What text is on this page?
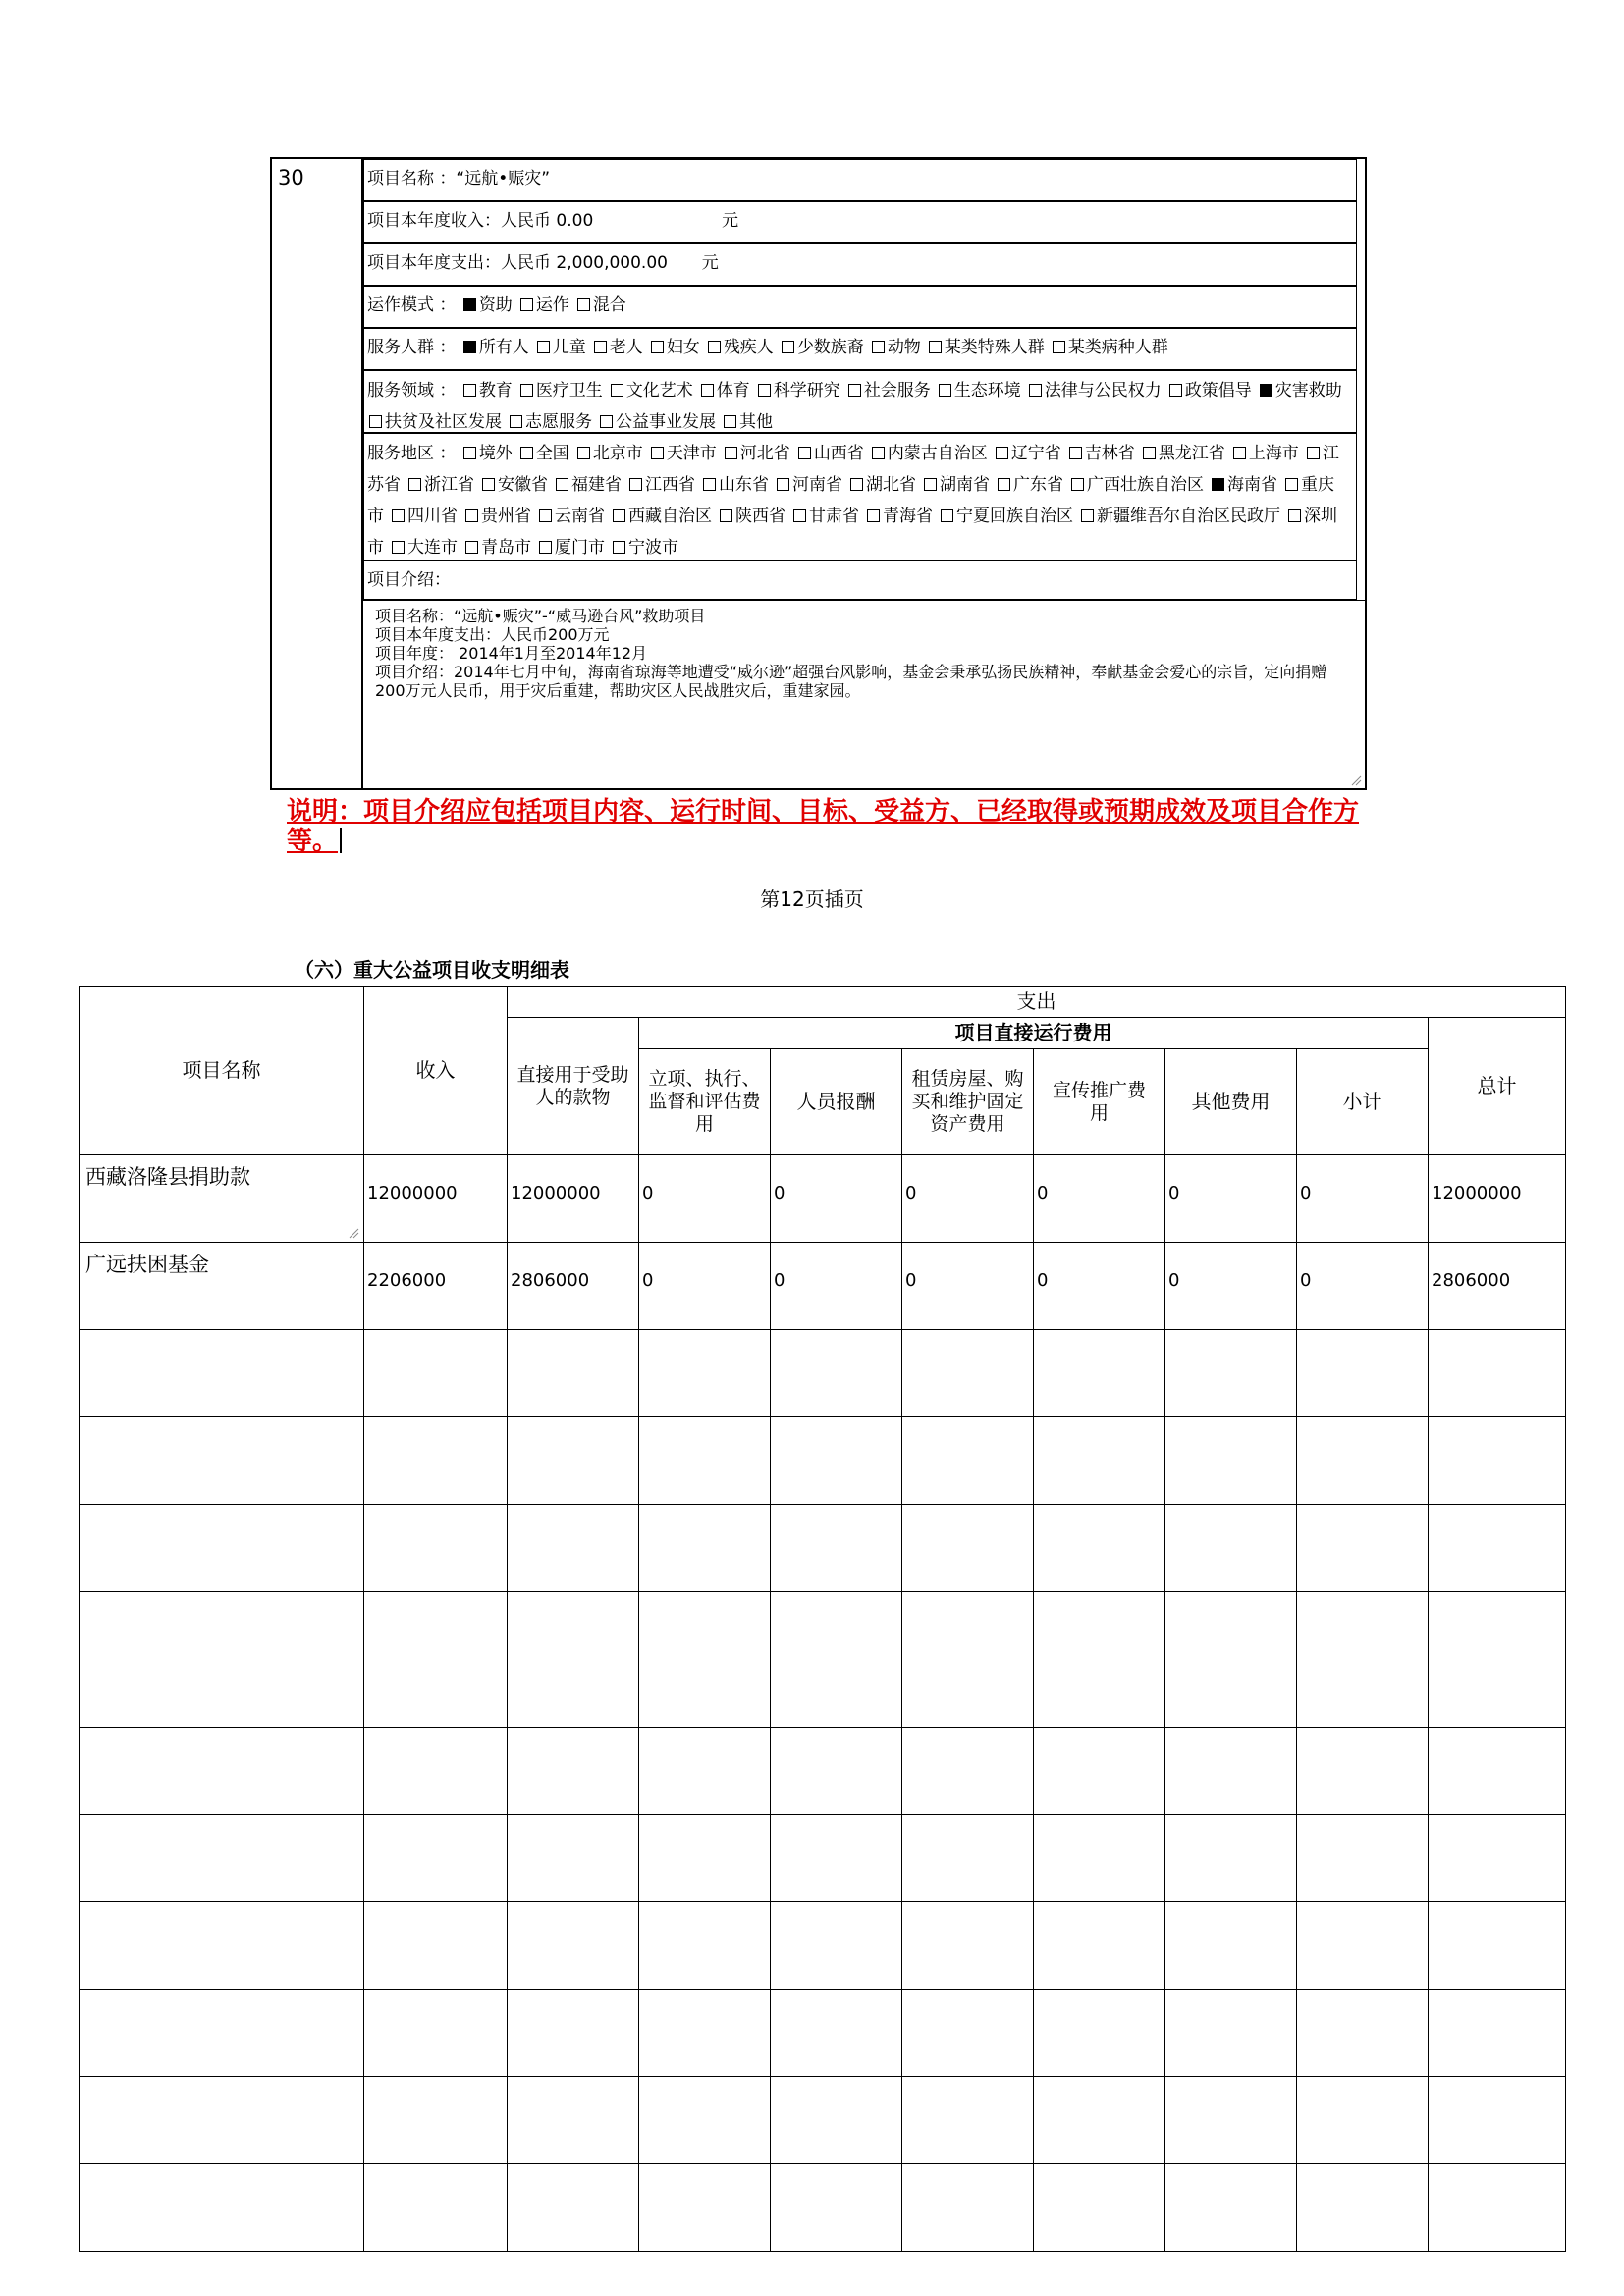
30	项目名称 ：“远航•赈灾”
项目本年度收入：人民币 0.00	元
项目本年度支出：人民币 2,000,000.00 元
运作模式 ： 资助 运作 混合
服务人群 ： 所有人 儿童 老人 妇女 残疾人 少数族裔 动物 某类特殊人群 某类病种人群
服务领域 ： 教育 医疗卫生 文化艺术 体育 科学研究 社会服务 生态环境 法律与公民权力 政策倡导 灾害救助扶贫及社区发展 志愿服务 公益事业发展 其他
服务地区 ： 境外 全国 北京市 天津市 河北省 山西省 内蒙古自治区 辽宁省 吉林省 黑龙江省 上海市 江苏省 浙江省 安徽省 福建省 江西省 山东省 河南省 湖北省 湖南省 广东省 广西壮族自治区 海南省 重庆市 四川省 贵州省 云南省 西藏自治区 陕西省 甘肃省 青海省 宁夏回族自治区 新疆维吾尔自治区民政厅 深圳市 大连市 青岛市 厦门市 宁波市
项目介绍：
项目名称：“远航•赈灾”-“威马逊台风”救助项目
项目本年度支出：人民币200万元
项目年度： 2014年1月至2014年12月
项目介绍：2014年七月中旬，海南省琼海等地遭受“威尔逊”超强台风影响，基金会秉承弘扬民族精神，奉献基金会爱心的宗旨，定向捐赠200万元人民币，用于灾后重建，帮助灾区人民战胜灾后，重建家园。
说明：项目介绍应包括项目内容、运行时间、目标、受益方、已经取得或预期成效及项目合作方等。
第12页插页
（六）重大公益项目收支明细表
项目名称	收入	支出							
		直接用于受助人的款物	项目直接运行费用						总计
			立项、执行、监督和评估费用	人员报酬	租赁房屋、购买和维护固定资产费用	宣传推广费用	其他费用	小计	
西藏洛隆县捐助款	12000000	12000000	0	0	0	0	0	0	12000000
广远扶困基金	2206000	2806000	0	0	0	0	0	0	2806000
